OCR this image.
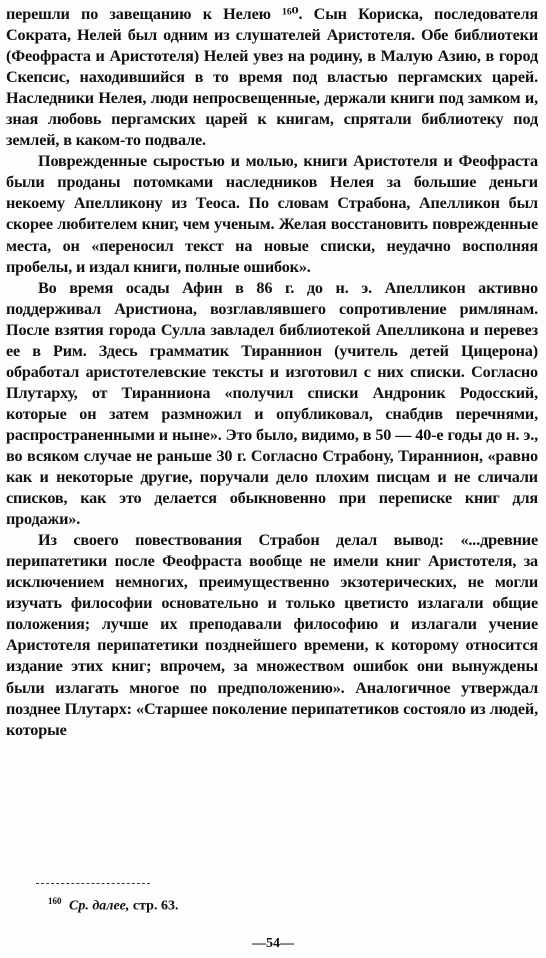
перешли по завещанию к Нелею ¹⁶⁰. Сын Кориска, последователя Сократа, Нелей был одним из слушателей Аристотеля. Обе библиотеки (Феофраста и Аристотеля) Нелей увез на родину, в Малую Азию, в город Скепсис, находившийся в то время под властью пергамских царей. Наследники Нелея, люди непросвещенные, держали книги под замком и, зная любовь пергамских царей к книгам, спрятали библиотеку под землей, в каком-то подвале.

Поврежденные сыростью и молью, книги Аристотеля и Феофраста были проданы потомками наследников Нелея за большие деньги некоему Апелликону из Теоса. По словам Страбона, Апелликон был скорее любителем книг, чем ученым. Желая восстановить поврежденные места, он «переносил текст на новые списки, неудачно восполняя пробелы, и издал книги, полные ошибок».

Во время осады Афин в 86 г. до н. э. Апелликон активно поддерживал Аристиона, возглавлявшего сопротивление римлянам. После взятия города Сулла завладел библиотекой Апелликона и перевез ее в Рим. Здесь грамматик Тираннион (учитель детей Цицерона) обработал аристотелевские тексты и изготовил с них списки. Согласно Плутарху, от Тиранниона «получил списки Андроник Родосский, которые он затем размножил и опубликовал, снабдив перечнями, распространенными и ныне». Это было, видимо, в 50 — 40-е годы до н. э., во всяком случае не раньше 30 г. Согласно Страбону, Тираннион, «равно как и некоторые другие, поручали дело плохим писцам и не сличали списков, как это делается обыкновенно при переписке книг для продажи».

Из своего повествования Страбон делал вывод: «...древние перипатетики после Феофраста вообще не имели книг Аристотеля, за исключением немногих, преимущественно экзотерических, не могли изучать философии основательно и только цветисто излагали общие положения; лучше их преподавали философию и излагали учение Аристотеля перипатетики позднейшего времени, к которому относится издание этих книг; впрочем, за множеством ошибок они вынуждены были излагать многое по предположению». Аналогичное утверждал позднее Плутарх: «Старшее поколение перипатетиков состояло из людей, которые

$^{160}$ Ср. далее, стр. 63.
—54—
